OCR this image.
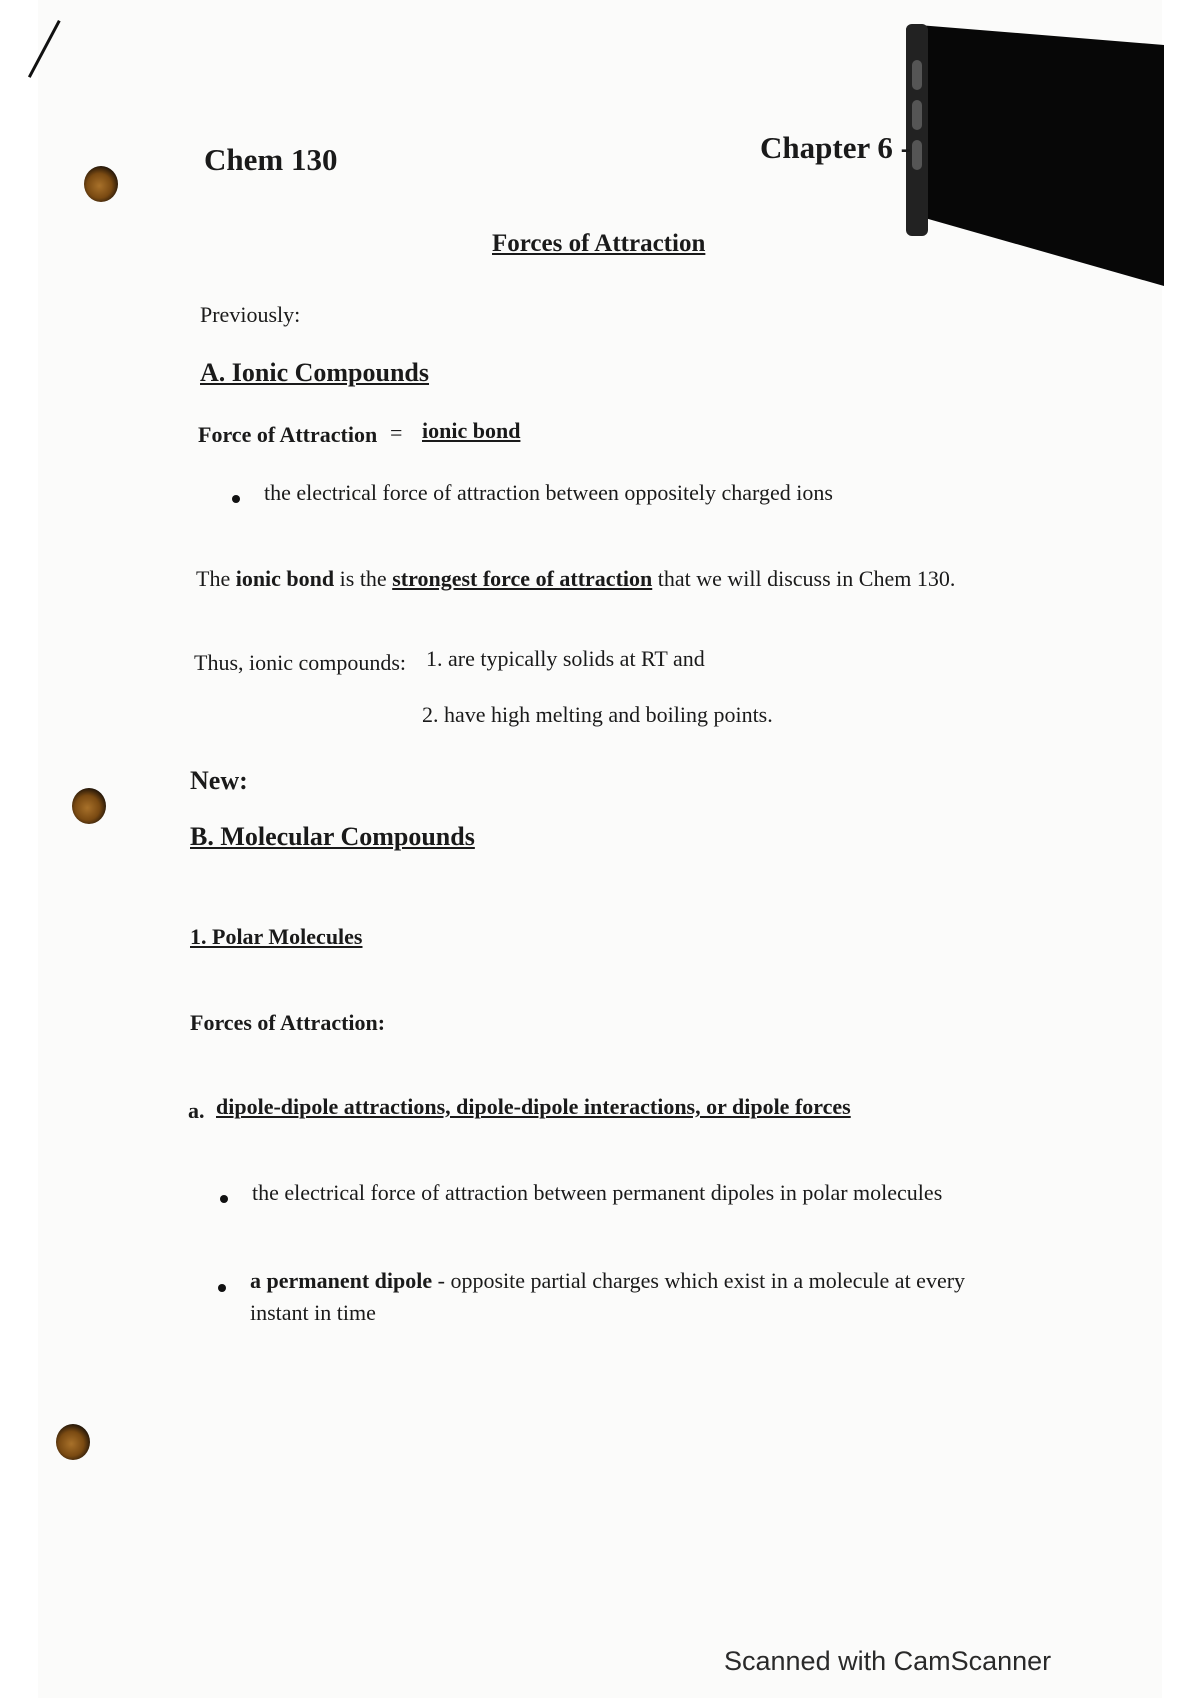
Chem 130	Chapter 6 -
Forces of Attraction
Previously:
A. Ionic Compounds
Force of Attraction = ionic bond
the electrical force of attraction between oppositely charged ions
The ionic bond is the strongest force of attraction that we will discuss in Chem 130.
Thus, ionic compounds: 1. are typically solids at RT and
2. have high melting and boiling points.
New:
B. Molecular Compounds
1. Polar Molecules
Forces of Attraction:
a. dipole-dipole attractions, dipole-dipole interactions, or dipole forces
the electrical force of attraction between permanent dipoles in polar molecules
a permanent dipole - opposite partial charges which exist in a molecule at every
instant in time
Scanned with CamScanner
